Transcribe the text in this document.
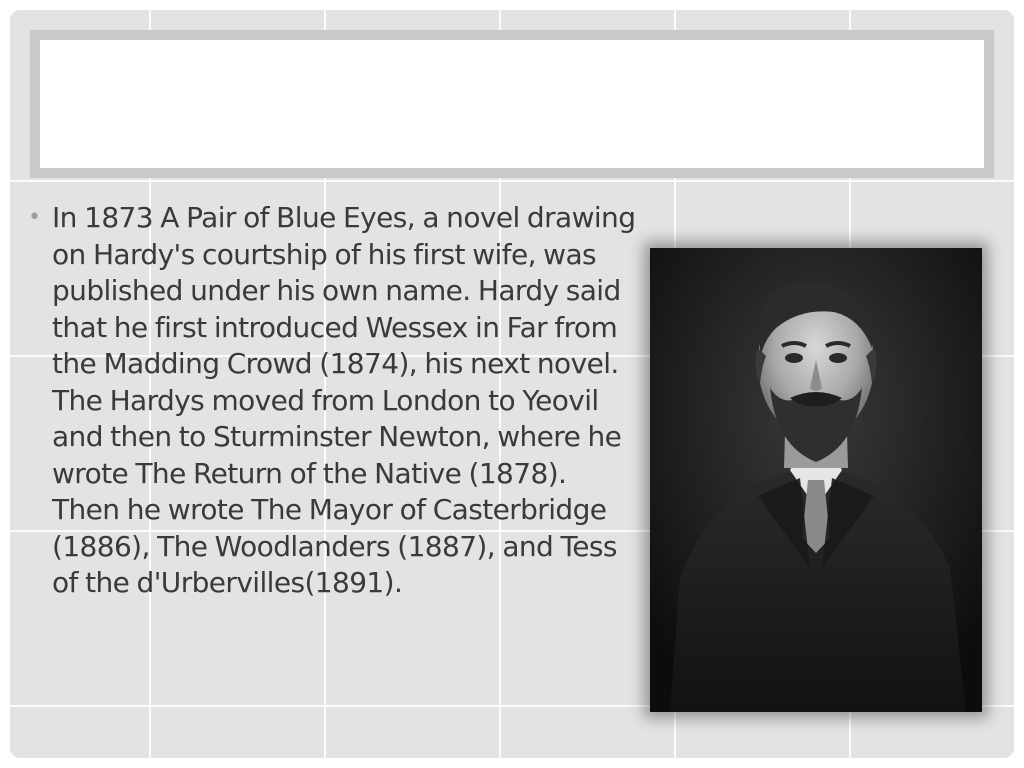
• In 1873 A Pair of Blue Eyes, a novel drawing on Hardy's courtship of his first wife, was published under his own name. Hardy said that he first introduced Wessex in Far from the Madding Crowd (1874), his next novel. The Hardys moved from London to Yeovil and then to Sturminster Newton, where he wrote The Return of the Native (1878). Then he wrote The Mayor of Casterbridge (1886), The Woodlanders (1887), and Tess of the d'Urbervilles(1891).
